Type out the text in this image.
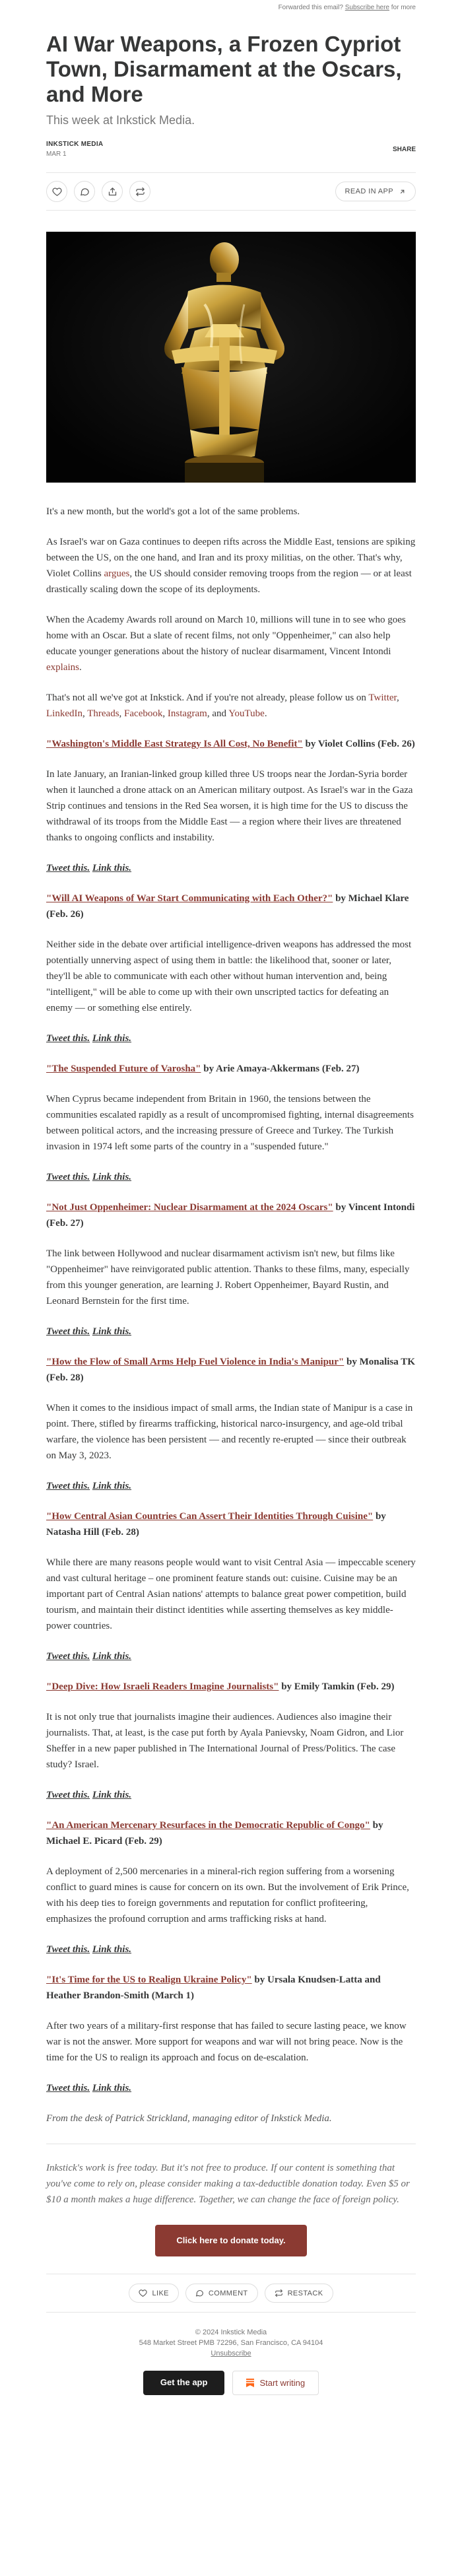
Forwarded this email? Subscribe here for more
AI War Weapons, a Frozen Cypriot Town, Disarmament at the Oscars, and More
This week at Inkstick Media.
INKSTICK MEDIA
MAR 1
SHARE
READ IN APP

It's a new month, but the world's got a lot of the same problems.

As Israel's war on Gaza continues to deepen rifts across the Middle East, tensions are spiking between the US, on the one hand, and Iran and its proxy militias, on the other. That's why, Violet Collins argues, the US should consider removing troops from the region — or at least drastically scaling down the scope of its deployments.

When the Academy Awards roll around on March 10, millions will tune in to see who goes home with an Oscar. But a slate of recent films, not only "Oppenheimer," can also help educate younger generations about the history of nuclear disarmament, Vincent Intondi explains.

That's not all we've got at Inkstick. And if you're not already, please follow us on Twitter, LinkedIn, Threads, Facebook, Instagram, and YouTube.

"Washington's Middle East Strategy Is All Cost, No Benefit" by Violet Collins (Feb. 26)

In late January, an Iranian-linked group killed three US troops near the Jordan-Syria border when it launched a drone attack on an American military outpost. As Israel's war in the Gaza Strip continues and tensions in the Red Sea worsen, it is high time for the US to discuss the withdrawal of its troops from the Middle East — a region where their lives are threatened thanks to ongoing conflicts and instability.

Tweet this. Link this.

"Will AI Weapons of War Start Communicating with Each Other?" by Michael Klare (Feb. 26)

Neither side in the debate over artificial intelligence-driven weapons has addressed the most potentially unnerving aspect of using them in battle: the likelihood that, sooner or later, they'll be able to communicate with each other without human intervention and, being "intelligent," will be able to come up with their own unscripted tactics for defeating an enemy — or something else entirely.

Tweet this. Link this.

"The Suspended Future of Varosha" by Arie Amaya-Akkermans (Feb. 27)

When Cyprus became independent from Britain in 1960, the tensions between the communities escalated rapidly as a result of uncompromised fighting, internal disagreements between political actors, and the increasing pressure of Greece and Turkey. The Turkish invasion in 1974 left some parts of the country in a "suspended future."

Tweet this. Link this.

"Not Just Oppenheimer: Nuclear Disarmament at the 2024 Oscars" by Vincent Intondi (Feb. 27)

The link between Hollywood and nuclear disarmament activism isn't new, but films like "Oppenheimer" have reinvigorated public attention. Thanks to these films, many, especially from this younger generation, are learning J. Robert Oppenheimer, Bayard Rustin, and Leonard Bernstein for the first time.

Tweet this. Link this.

"How the Flow of Small Arms Help Fuel Violence in India's Manipur" by Monalisa TK (Feb. 28)

When it comes to the insidious impact of small arms, the Indian state of Manipur is a case in point. There, stifled by firearms trafficking, historical narco-insurgency, and age-old tribal warfare, the violence has been persistent — and recently re-erupted — since their outbreak on May 3, 2023.

Tweet this. Link this.

"How Central Asian Countries Can Assert Their Identities Through Cuisine" by Natasha Hill (Feb. 28)

While there are many reasons people would want to visit Central Asia — impeccable scenery and vast cultural heritage – one prominent feature stands out: cuisine. Cuisine may be an important part of Central Asian nations' attempts to balance great power competition, build tourism, and maintain their distinct identities while asserting themselves as key middle-power countries.

Tweet this. Link this.

"Deep Dive: How Israeli Readers Imagine Journalists" by Emily Tamkin (Feb. 29)

It is not only true that journalists imagine their audiences. Audiences also imagine their journalists. That, at least, is the case put forth by Ayala Panievsky, Noam Gidron, and Lior Sheffer in a new paper published in The International Journal of Press/Politics. The case study? Israel.

Tweet this. Link this.

"An American Mercenary Resurfaces in the Democratic Republic of Congo" by Michael E. Picard (Feb. 29)

A deployment of 2,500 mercenaries in a mineral-rich region suffering from a worsening conflict to guard mines is cause for concern on its own. But the involvement of Erik Prince, with his deep ties to foreign governments and reputation for conflict profiteering, emphasizes the profound corruption and arms trafficking risks at hand.

Tweet this. Link this.

"It's Time for the US to Realign Ukraine Policy" by Ursala Knudsen-Latta and Heather Brandon-Smith (March 1)

After two years of a military-first response that has failed to secure lasting peace, we know war is not the answer. More support for weapons and war will not bring peace. Now is the time for the US to realign its approach and focus on de-escalation.

Tweet this. Link this.

From the desk of Patrick Strickland, managing editor of Inkstick Media.

Inkstick's work is free today. But it's not free to produce. If our content is something that you've come to rely on, please consider making a tax-deductible donation today. Even $5 or $10 a month makes a huge difference. Together, we can change the face of foreign policy.

Click here to donate today.
LIKE	COMMENT	RESTACK
© 2024 Inkstick Media
548 Market Street PMB 72296, San Francisco, CA 94104
Unsubscribe
Get the app	Start writing
